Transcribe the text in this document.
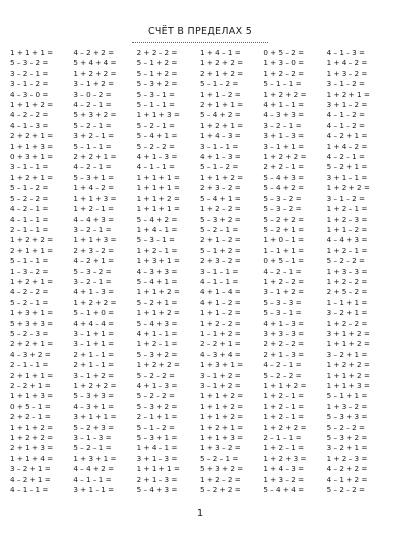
СЧЁТ В ПРЕДЕЛАХ 5
1 + 1 + 1 =
5 – 3 – 2 =
3 – 2 – 1 =
3 – 1 – 2 =
4 – 3 – 0 =
1 + 1 + 2 =
4 – 2 – 2 =
4 – 1 – 3 =
2 + 2 + 1 =
1 + 1 + 3 =
0 + 3 + 1 =
3 – 1 – 1 =
1 + 2 + 1 =
5 – 1 – 2 =
5 – 2 – 2 =
4 – 2 – 1 =
4 – 1 – 1 =
2 – 1 – 1 =
1 + 2 + 2 =
2 + 1 + 1 =
5 – 1 – 1 =
1 – 3 – 2 =
1 + 2 + 1 =
4 – 2 – 2 =
5 – 2 – 1 =
1 + 3 + 1 =
5 + 3 + 3 =
5 – 2 – 3 =
2 + 2 + 1 =
4 – 3 + 2 =
2 – 1 – 1 =
2 + 1 + 1 =
2 – 2 + 1 =
1 + 1 + 3 =
0 + 5 – 1 =
2 + 2 – 1 =
1 + 1 + 2 =
1 + 2 + 2 =
2 + 1 + 3 =
1 + 1 + 4 =
3 – 2 + 1 =
4 – 2 + 1 =
4 – 1 – 1 =
4 – 2 + 2 =
5 + 4 + 4 =
1 + 2 + 2 =
3 – 1 + 2 =
3 – 0 – 2 =
4 – 2 – 1 =
5 + 3 + 2 =
5 – 2 – 1 =
3 + 2 – 1 =
5 – 1 – 1 =
2 + 2 + 1 =
4 – 2 – 1 =
5 – 3 + 1 =
1 + 4 – 2 =
1 + 1 + 3 =
1 + 2 – 1 =
4 – 4 + 3 =
3 – 2 – 1 =
1 + 1 + 3 =
2 + 3 – 2 =
4 – 2 + 1 =
5 – 3 – 2 =
3 – 2 – 1 =
4 + 1 – 3 =
1 + 2 + 2 =
5 – 1 + 0 =
4 + 4 – 4 =
3 – 1 + 1 =
3 – 1 + 1 =
2 + 1 – 1 =
2 + 1 – 1 =
3 – 1 + 2 =
1 + 2 + 2 =
5 – 3 + 3 =
4 – 3 + 1 =
3 + 1 + 1 =
5 – 2 + 3 =
3 – 1 – 3 =
5 – 2 – 1 =
1 + 3 + 1 =
4 – 4 + 2 =
4 – 1 – 1 =
3 + 1 – 1 =
2 + 2 – 2 =
5 – 1 + 2 =
5 – 1 + 2 =
5 – 3 + 2 =
5 – 3 – 1 =
5 – 1 – 1 =
1 + 1 + 3 =
5 – 2 – 1 =
5 – 4 + 1 =
5 – 2 – 2 =
4 + 1 – 3 =
4 – 1 – 1 =
1 + 1 + 1 =
1 + 1 + 1 =
1 + 1 + 2 =
1 + 1 + 1 =
5 – 4 + 2 =
1 + 4 – 1 =
5 – 3 – 1 =
1 + 2 – 1 =
1 + 3 + 1 =
4 – 3 + 3 =
5 – 4 + 1 =
1 + 1 + 2 =
5 – 2 + 1 =
1 + 1 + 2 =
5 – 4 + 3 =
4 + 1 – 1 =
1 + 2 – 1 =
5 – 3 + 2 =
1 + 2 + 2 =
5 – 2 – 2 =
4 + 1 – 3 =
5 – 2 – 2 =
5 – 3 + 2 =
2 – 1 + 1 =
5 – 1 – 2 =
5 – 3 + 1 =
1 + 4 – 1 =
3 + 1 – 3 =
1 + 1 + 1 =
2 + 1 – 3 =
5 – 4 + 3 =
1 + 4 – 1 =
1 + 2 + 2 =
2 + 1 + 2 =
5 – 1 – 2 =
1 + 1 – 2 =
2 + 1 + 1 =
5 – 4 + 2 =
1 + 2 + 1 =
1 + 4 – 3 =
3 – 1 – 1 =
4 + 1 – 3 =
5 – 1 – 2 =
1 + 1 + 2 =
2 + 3 – 2 =
5 – 4 + 1 =
1 + 2 – 2 =
5 – 3 + 2 =
5 – 2 – 1 =
2 + 1 – 2 =
5 – 1 + 2 =
2 + 3 – 2 =
3 – 1 – 1 =
4 – 1 – 1 =
4 + 1 – 4 =
4 + 1 – 2 =
1 + 1 – 2 =
1 + 2 – 2 =
1 – 1 + 2 =
2 – 2 + 1 =
4 – 3 + 4 =
1 + 3 + 1 =
3 – 1 + 2 =
3 – 1 + 2 =
1 + 1 + 2 =
1 + 1 + 2 =
1 + 1 + 2 =
1 + 2 + 1 =
1 + 1 + 3 =
1 + 3 – 2 =
5 – 2 – 1 =
5 + 3 + 2 =
1 + 2 – 2 =
5 – 2 + 2 =
0 + 5 – 2 =
1 + 3 – 0 =
1 + 2 – 2 =
5 – 1 – 1 =
1 + 2 + 2 =
4 + 1 – 1 =
4 – 3 + 3 =
3 – 2 – 1 =
3 + 1 – 3 =
3 – 1 + 1 =
1 + 2 + 2 =
2 + 2 – 1 =
5 – 4 + 3 =
5 – 4 + 2 =
5 – 3 – 2 =
5 – 3 – 2 =
5 – 2 + 2 =
5 – 2 + 1 =
1 + 0 – 1 =
1 – 1 + 1 =
0 + 5 – 1 =
4 – 2 – 1 =
1 + 2 – 2 =
3 – 1 + 2 =
5 – 3 – 3 =
5 – 3 – 1 =
4 + 1 – 3 =
3 + 3 – 3 =
2 + 2 – 2 =
2 + 1 – 3 =
4 – 2 – 1 =
5 – 2 – 2 =
1 + 1 + 2 =
1 + 2 – 1 =
1 + 2 – 1 =
1 + 2 – 1 =
1 + 2 + 2 =
2 – 1 – 1 =
1 + 2 – 1 =
1 + 2 + 3 =
1 + 4 – 3 =
1 + 3 – 2 =
5 – 4 + 4 =
4 – 1 – 3 =
1 + 4 – 2 =
1 + 3 – 2 =
3 – 1 – 2 =
1 + 2 + 1 =
3 + 1 – 2 =
4 – 1 – 2 =
4 – 1 – 2 =
4 – 2 + 1 =
1 + 4 – 2 =
4 – 2 – 1 =
5 – 2 + 1 =
3 + 1 – 1 =
1 + 2 + 2 =
3 – 1 – 2 =
1 + 2 – 1 =
1 + 2 – 3 =
1 + 1 – 2 =
4 – 4 + 3 =
1 + 2 – 1 =
5 – 2 – 2 =
1 + 3 – 3 =
1 + 2 – 2 =
2 + 5 – 2 =
1 – 1 + 1 =
3 – 2 + 1 =
1 + 2 – 2 =
3 + 1 + 2 =
1 + 1 + 2 =
3 – 2 + 1 =
1 + 2 + 2 =
1 + 1 + 2 =
1 + 1 + 3 =
5 – 1 + 1 =
1 + 3 – 2 =
5 – 3 + 3 =
5 – 2 – 2 =
5 – 3 + 2 =
3 – 2 + 1 =
1 + 2 – 3 =
4 – 2 + 2 =
4 – 1 + 2 =
5 – 2 – 2 =
1
